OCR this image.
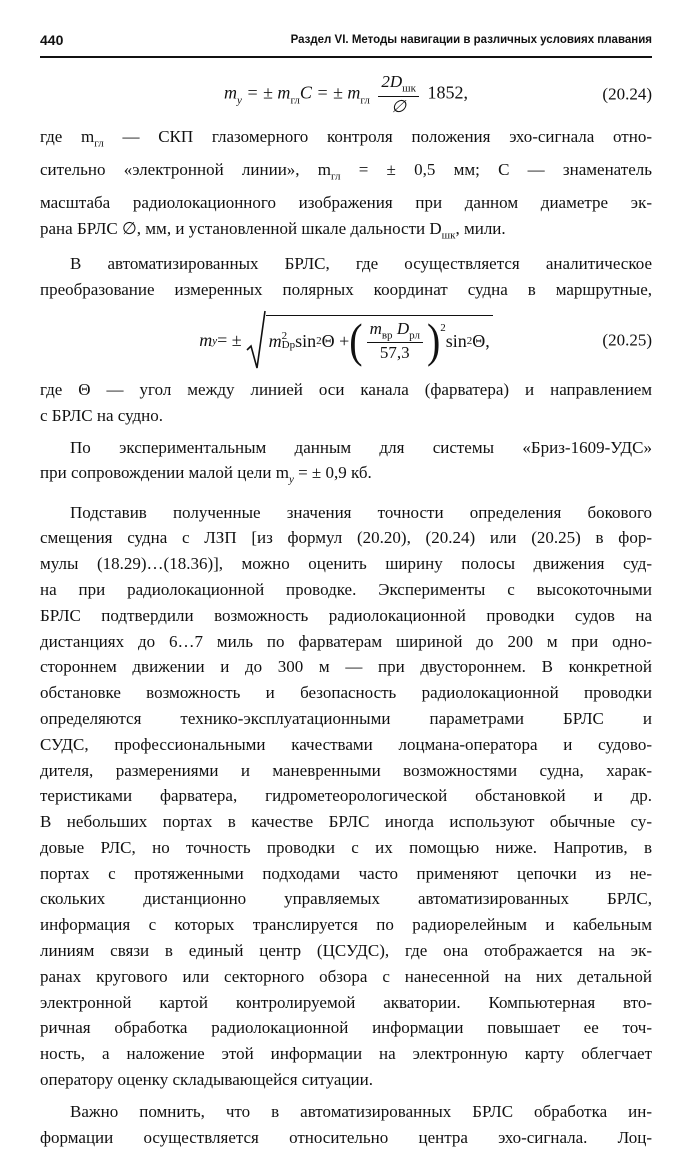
440	Раздел VI. Методы навигации в различных условиях плавания
$m_y$ = ± $m_{гл}C$ = ± $m_{гл} \frac{2D_{шк}}{\emptyset} 1852$,	(20.24)

где $m_{гл}$ — СКП глазомерного контроля положения эхо-сигнала отно-
сительно «электронной линии», $m_{гл}$ = ± 0,5 мм; C — знаменатель
масштаба радиолокационного изображения при данном диаметре эк-
рана БРЛС ∅, мм, и установленной шкале дальности $D_{шк}$, мили.

В автоматизированных БРЛС, где осуществляется аналитическое
преобразование измеренных полярных координат судна в маршрутные,

m y = ± m 2
Dр sin 2 Θ + ( $\frac{m_{вр} D_{рл}}{57,3} )^2$
sin 2 Θ,	(20.25)

где Θ — угол между линией оси канала (фарватера) и направлением
с БРЛС на судно.

По экспериментальным данным для системы «Бриз-1609-УДС»
при сопровождении малой цели $m_y$ = ± 0,9 кб.

Подставив полученные значения точности определения бокового
смещения судна с ЛЗП [из формул (20.20), (20.24) или (20.25) в фор-
мулы (18.29)…(18.36)], можно оценить ширину полосы движения суд-
на при радиолокационной проводке. Эксперименты с высокоточными
БРЛС подтвердили возможность радиолокационной проводки судов на
дистанциях до 6…7 миль по фарватерам шириной до 200 м при одно-
стороннем движении и до 300 м — при двустороннем. В конкретной
обстановке возможность и безопасность радиолокационной проводки
определяются технико-эксплуатационными параметрами БРЛС и
СУДС, профессиональными качествами лоцмана-оператора и судово-
дителя, размерениями и маневренными возможностями судна, харак-
теристиками фарватера, гидрометеорологической обстановкой и др.
В небольших портах в качестве БРЛС иногда используют обычные су-
довые РЛС, но точность проводки с их помощью ниже. Напротив, в
портах с протяженными подходами часто применяют цепочки из не-
скольких дистанционно управляемых автоматизированных БРЛС,
информация с которых транслируется по радиорелейным и кабельным
линиям связи в единый центр (ЦСУДС), где она отображается на эк-
ранах кругового или секторного обзора с нанесенной на них детальной
электронной картой контролируемой акватории. Компьютерная вто-
ричная обработка радиолокационной информации повышает ее точ-
ность, а наложение этой информации на электронную карту облегчает
оператору оценку складывающейся ситуации.

Важно помнить, что в автоматизированных БРЛС обработка ин-
формации осуществляется относительно центра эхо-сигнала. Лоц-
